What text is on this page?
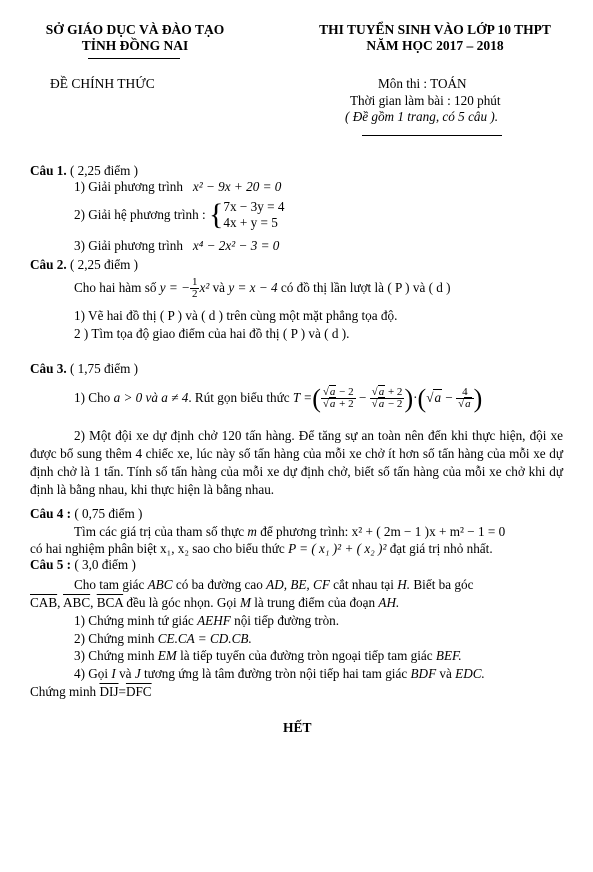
SỞ GIÁO DỤC VÀ ĐÀO TẠO
TỈNH ĐỒNG NAI
THI TUYỂN SINH VÀO LỚP 10 THPT
NĂM HỌC 2017 – 2018
ĐỀ CHÍNH THỨC	Môn thi : TOÁN
Thời gian làm bài : 120 phút
( Đề gồm 1 trang, có 5 câu ).
Câu 1. ( 2,25 điểm )
1) Giải phương trình x² − 9x + 20 = 0
2) Giải hệ phương trình : { 7x − 3y = 4
4x + y = 5
3) Giải phương trình x⁴ − 2x² − 3 = 0
Câu 2. ( 2,25 điểm )
Cho hai hàm số y = − $\frac{1}{2} x^2$ và y = x − 4 có đồ thị lần lượt là ( P ) và ( d )
1) Vẽ hai đồ thị ( P ) và ( d ) trên cùng một mặt phẳng tọa độ.
2 ) Tìm tọa độ giao điểm của hai đồ thị ( P ) và ( d ).
Câu 3. ( 1,75 điểm )
1) Cho a > 0 và a ≠ 4. Rút gọn biểu thức T =( $\frac{√a - 2}{√a + 2} - \frac{√a + 2}{√a - 2} )\cdot(√a - \frac{4}{√a}$ )
2) Một đội xe dự định chở 120 tấn hàng. Để tăng sự an toàn nên đến khi thực hiện, đội xe được bổ sung thêm 4 chiếc xe, lúc này số tấn hàng của mỗi xe chở ít hơn số tấn hàng của mỗi xe dự định chở là 1 tấn. Tính số tấn hàng của mỗi xe dự định chở, biết số tấn hàng của mỗi xe chở khi dự định là bằng nhau, khi thực hiện là bằng nhau.
Câu 4 : ( 0,75 điểm )
Tìm các giá trị của tham số thực m để phương trình: x² + ( 2m − 1 )x + m² − 1 = 0
có hai nghiệm phân biệt x₁, x₂ sao cho biểu thức P = ( x₁ )² + ( x₂ )² đạt giá trị nhỏ nhất.
Câu 5 : ( 3,0 điểm )
Cho tam giác ABC có ba đường cao AD, BE, CF cắt nhau tại H. Biết ba góc
$\overline{CAB}$, $\overline{ABC}$, $\overline{BCA}$ đều là góc nhọn. Gọi M là trung điểm của đoạn AH.
1) Chứng minh tứ giác AEHF nội tiếp đường tròn.
2) Chứng minh CE.CA = CD.CB.
3) Chứng minh EM là tiếp tuyến của đường tròn ngoại tiếp tam giác BEF.
4) Gọi I và J tương ứng là tâm đường tròn nội tiếp hai tam giác BDF và EDC.
Chứng minh $\overline{DIJ}=\overline{DFC}$
HẾT
